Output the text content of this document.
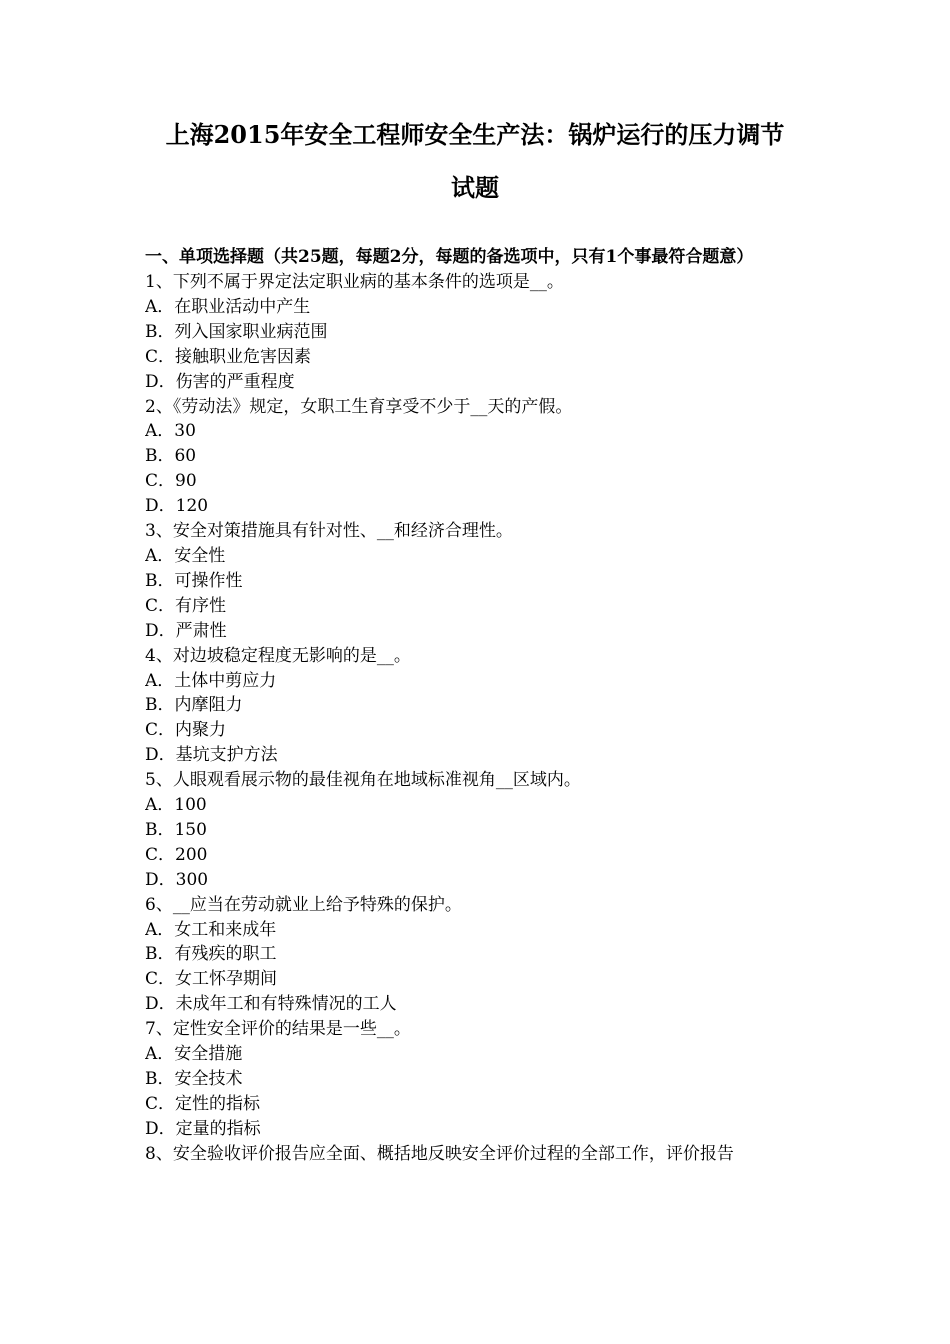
上海2015年安全工程师安全生产法：锅炉运行的压力调节
试题
一、单项选择题（共25题，每题2分，每题的备选项中，只有1个事最符合题意）
1、下列不属于界定法定职业病的基本条件的选项是__。
A．在职业活动中产生
B．列入国家职业病范围
C．接触职业危害因素
D．伤害的严重程度
2、《劳动法》规定，女职工生育享受不少于__天的产假。
A．30
B．60
C．90
D．120
3、安全对策措施具有针对性、__和经济合理性。
A．安全性
B．可操作性
C．有序性
D．严肃性
4、对边坡稳定程度无影响的是__。
A．土体中剪应力
B．内摩阻力
C．内聚力
D．基坑支护方法
5、人眼观看展示物的最佳视角在地域标准视角__区域内。
A．100
B．150
C．200
D．300
6、__应当在劳动就业上给予特殊的保护。
A．女工和来成年
B．有残疾的职工
C．女工怀孕期间
D．未成年工和有特殊情况的工人
7、定性安全评价的结果是一些__。
A．安全措施
B．安全技术
C．定性的指标
D．定量的指标
8、安全验收评价报告应全面、概括地反映安全评价过程的全部工作，评价报告
